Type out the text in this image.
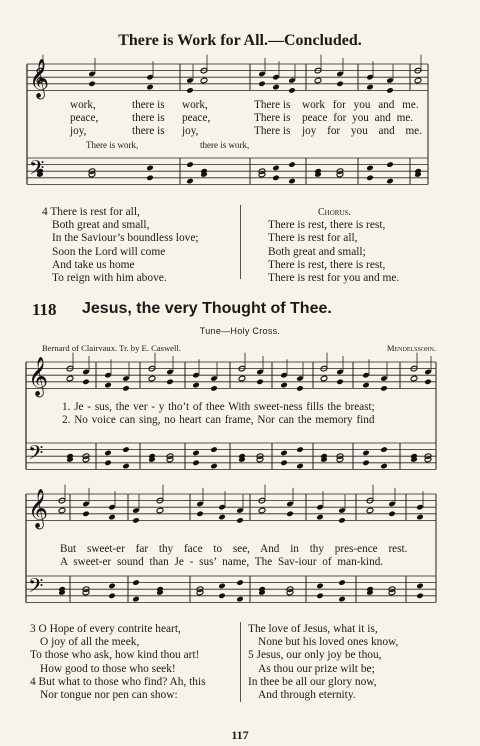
There is Work for All.—Concluded.
𝄞
𝄢
𝄞
𝄢
𝄞
𝄢
work,	there is work,	There is work for you and me.
peace,	there is peace,	There is peace for you and me.
joy,	there is joy,	There is joy for you and me.
There is work,	there is work,
4 There is rest for all,
Both great and small,
In the Saviour’s boundless love;
Soon the Lord will come
And take us home
To reign with him above.
Chorus.
There is rest, there is rest,
There is rest for all,
Both great and small;
There is rest, there is rest,
There is rest for you and me.
118 Jesus, the very Thought of Thee.
Tune—Holy Cross.
Bernard of Clairvaux. Tr. by E. Caswell.	Mendelssohn.
1. Je - sus, the ver - y tho’t of thee With sweet-ness fills the breast;
2. No voice can sing, no heart can frame, Nor can the memory find
But sweet-er far thy face to see, And in thy pres-ence rest.
A sweet-er sound than Je - sus’ name, The Sav-iour of man-kind.
3 O Hope of every contrite heart,
O joy of all the meek,
To those who ask, how kind thou art!
How good to those who seek!
4 But what to those who find? Ah, this
Nor tongue nor pen can show:
The love of Jesus, what it is,
None but his loved ones know,
5 Jesus, our only joy be thou,
As thou our prize wilt be;
In thee be all our glory now,
And through eternity.
117
